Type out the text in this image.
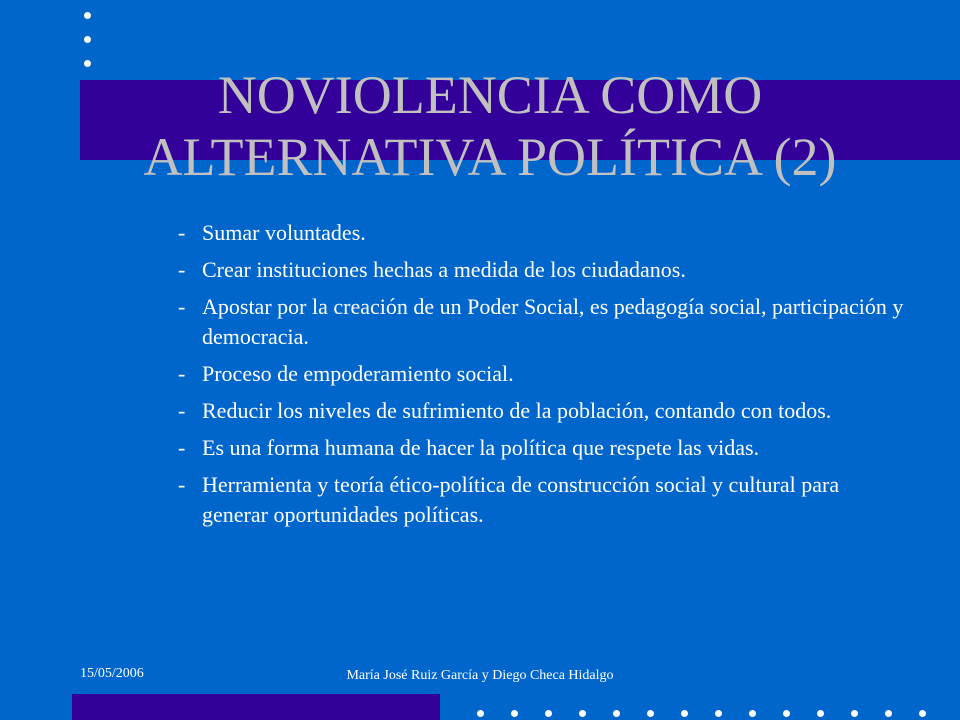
NOVIOLENCIA COMO
ALTERNATIVA POLÍTICA (2)
- Sumar voluntades.
- Crear instituciones hechas a medida de los ciudadanos.
- Apostar por la creación de un Poder Social, es pedagogía social, participación y democracia.
- Proceso de empoderamiento social.
- Reducir los niveles de sufrimiento de la población, contando con todos.
- Es una forma humana de hacer la política que respete las vidas.
- Herramienta y teoría ético-política de construcción social y cultural para generar oportunidades políticas.
15/05/2006	María José Ruiz García y Diego Checa Hidalgo
